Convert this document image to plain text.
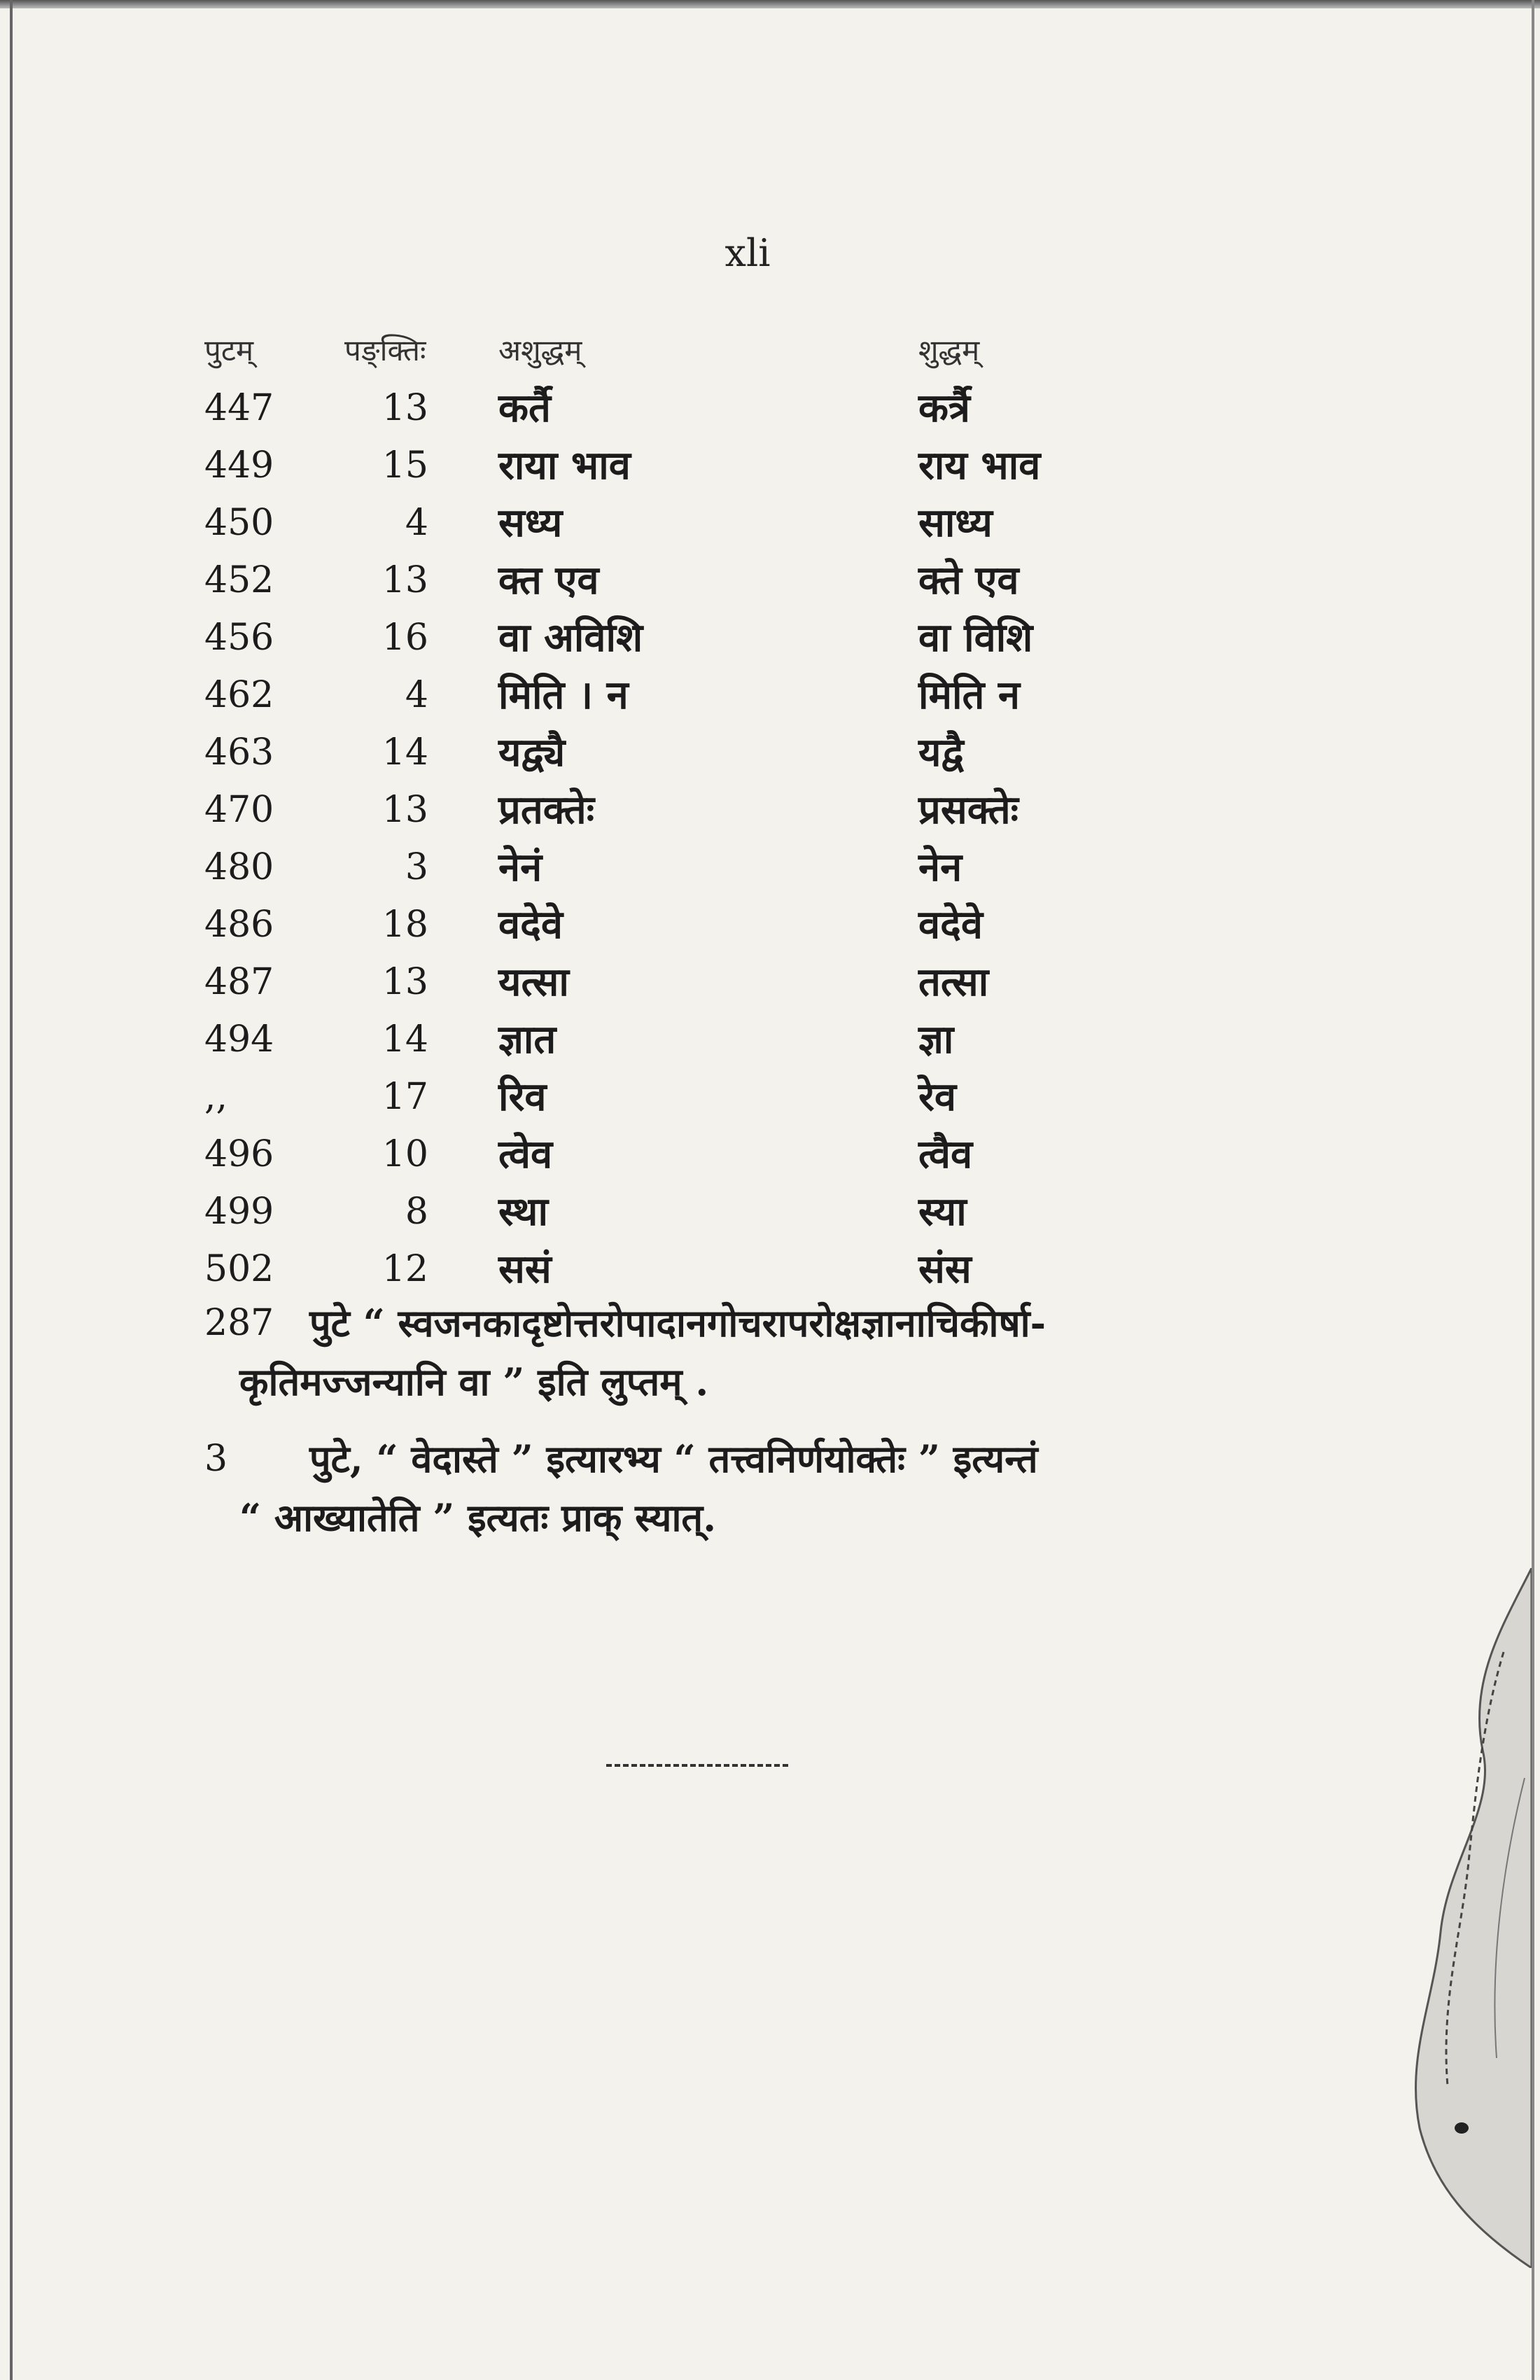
xli
पुटम्	पङ्क्तिः	अशुद्धम्	शुद्धम्
447	13 कर्तै	कर्त्रै
449	15 राया भाव	राय भाव
450	4 सध्य	साध्य
452	13 क्त एव	क्ते एव
456	16 वा अविशि	वा विशि
462	4 मिति । न	मिति न
463	14 यद्व्यै	यद्वै
470	13 प्रतक्तेः	प्रसक्तेः
480	3 नेनं	नेन
486	18 वदेवे	वदेवे
487	13 यत्सा	तत्सा
494	14 ज्ञात	ज्ञा
,,	17 रिव	रेव
496	10 त्वेव	त्वैव
499	8 स्था	स्या
502	12 ससं	संस
287 पुटे “ स्वजनकादृष्टोत्तरोपादानगोचरापरोक्षज्ञानाचिकीर्षा-
कृतिमज्जन्यानि वा ” इति लुप्तम् .
3 पुटे, “ वेदास्ते ” इत्यारभ्य “ तत्त्वनिर्णयोक्तेः ” इत्यन्तं
“ आख्यातेति ” इत्यतः प्राक् स्यात्.
